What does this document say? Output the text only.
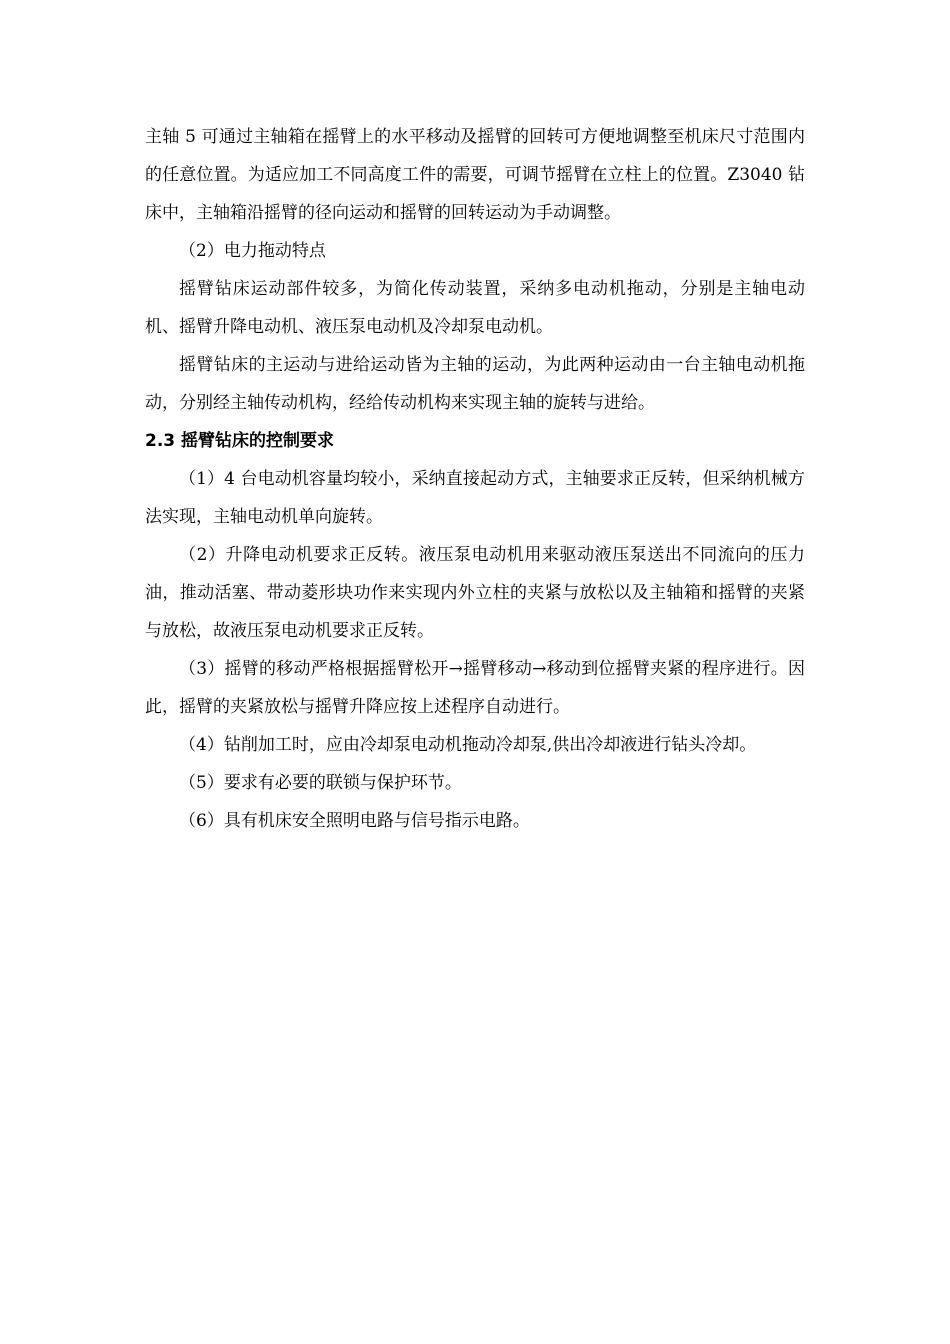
主轴 5 可通过主轴箱在摇臂上的水平移动及摇臂的回转可方便地调整至机床尺寸范围内的任意位置。为适应加工不同高度工件的需要，可调节摇臂在立柱上的位置。Z3040 钻床中，主轴箱沿摇臂的径向运动和摇臂的回转运动为手动调整。

（2）电力拖动特点

摇臂钻床运动部件较多，为简化传动装置，采纳多电动机拖动，分别是主轴电动机、摇臂升降电动机、液压泵电动机及冷却泵电动机。

摇臂钻床的主运动与进给运动皆为主轴的运动，为此两种运动由一台主轴电动机拖动，分别经主轴传动机构，经给传动机构来实现主轴的旋转与进给。

2.3 摇臂钻床的控制要求

（1）4 台电动机容量均较小，采纳直接起动方式，主轴要求正反转，但采纳机械方法实现，主轴电动机单向旋转。

（2）升降电动机要求正反转。液压泵电动机用来驱动液压泵送出不同流向的压力油，推动活塞、带动菱形块功作来实现内外立柱的夹紧与放松以及主轴箱和摇臂的夹紧与放松，故液压泵电动机要求正反转。

（3）摇臂的移动严格根据摇臂松开→摇臂移动→移动到位摇臂夹紧的程序进行。因此，摇臂的夹紧放松与摇臂升降应按上述程序自动进行。

（4）钻削加工时，应由冷却泵电动机拖动冷却泵,供出冷却液进行钻头冷却。

（5）要求有必要的联锁与保护环节。

（6）具有机床安全照明电路与信号指示电路。
